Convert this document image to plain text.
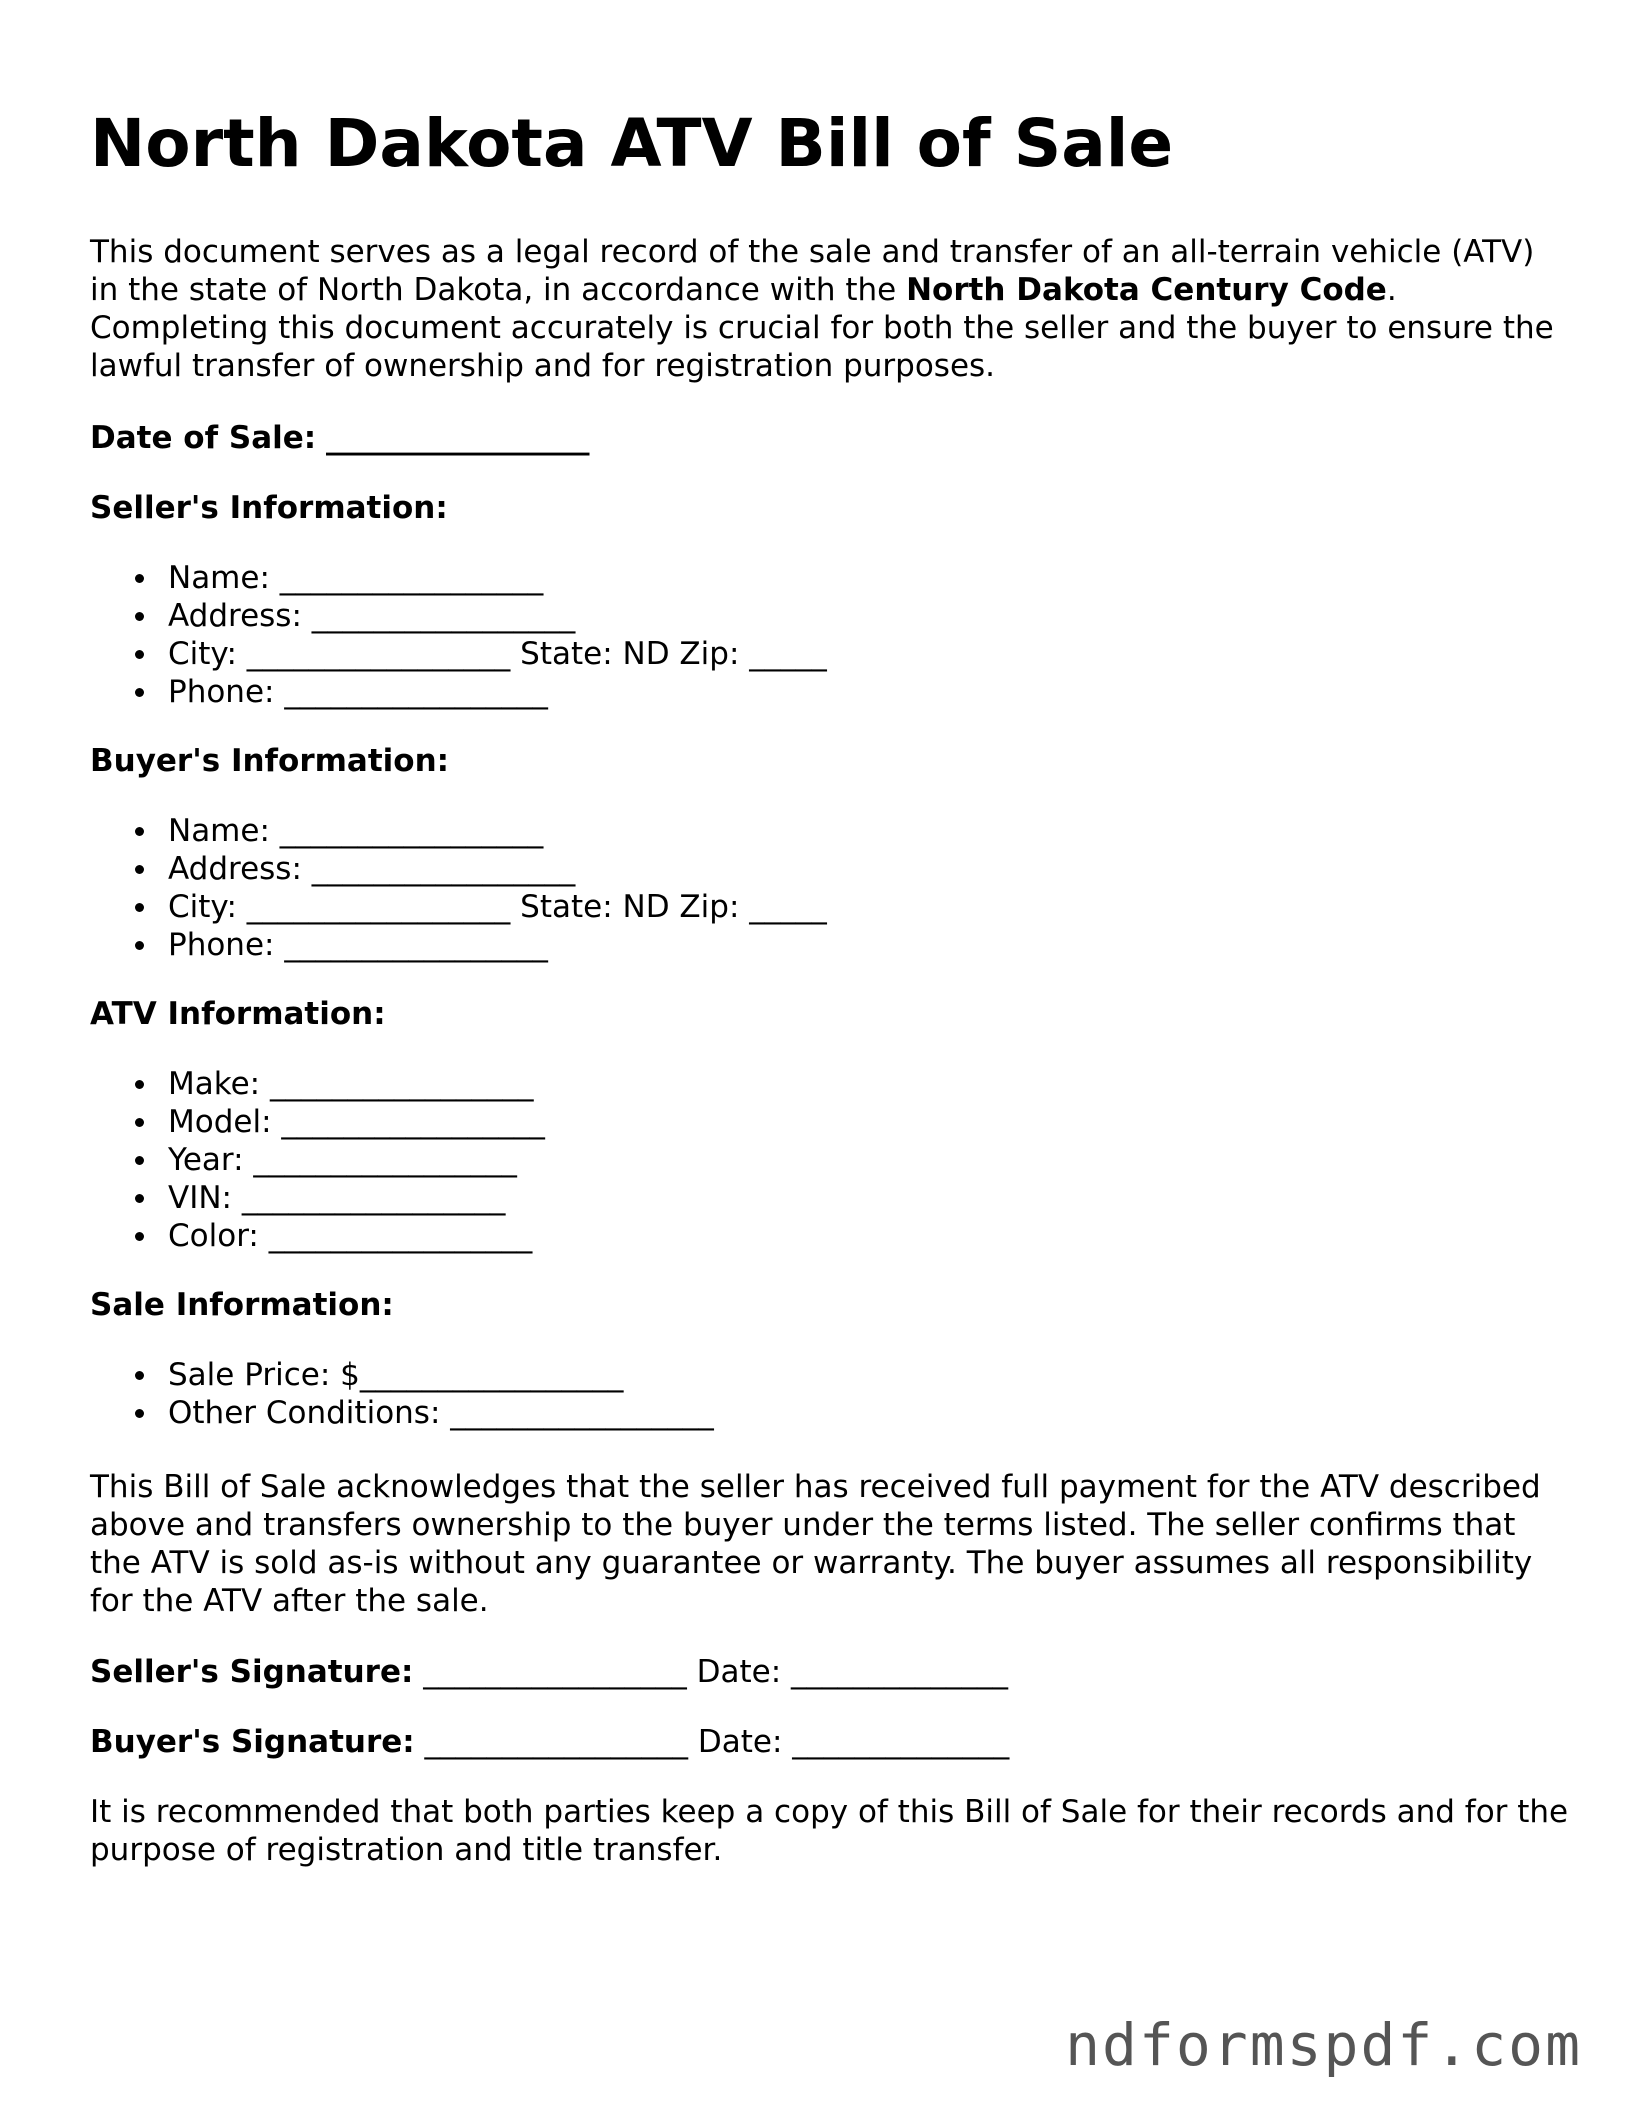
North Dakota ATV Bill of Sale

This document serves as a legal record of the sale and transfer of an all-terrain vehicle (ATV) in the state of North Dakota, in accordance with the North Dakota Century Code. Completing this document accurately is crucial for both the seller and the buyer to ensure the lawful transfer of ownership and for registration purposes.

Date of Sale: _________________
Seller's Information:
Name: _________________
Address: _________________
City: _________________ State: ND Zip: _____
Phone: _________________
Buyer's Information:
Name: _________________
Address: _________________
City: _________________ State: ND Zip: _____
Phone: _________________
ATV Information:
Make: _________________
Model: _________________
Year: _________________
VIN: _________________
Color: _________________
Sale Information:
Sale Price: $_________________
Other Conditions: _________________

This Bill of Sale acknowledges that the seller has received full payment for the ATV described above and transfers ownership to the buyer under the terms listed. The seller confirms that the ATV is sold as-is without any guarantee or warranty. The buyer assumes all responsibility for the ATV after the sale.

Seller's Signature: _________________ Date: ______________
Buyer's Signature: _________________ Date: ______________

It is recommended that both parties keep a copy of this Bill of Sale for their records and for the purpose of registration and title transfer.

ndformspdf.com
